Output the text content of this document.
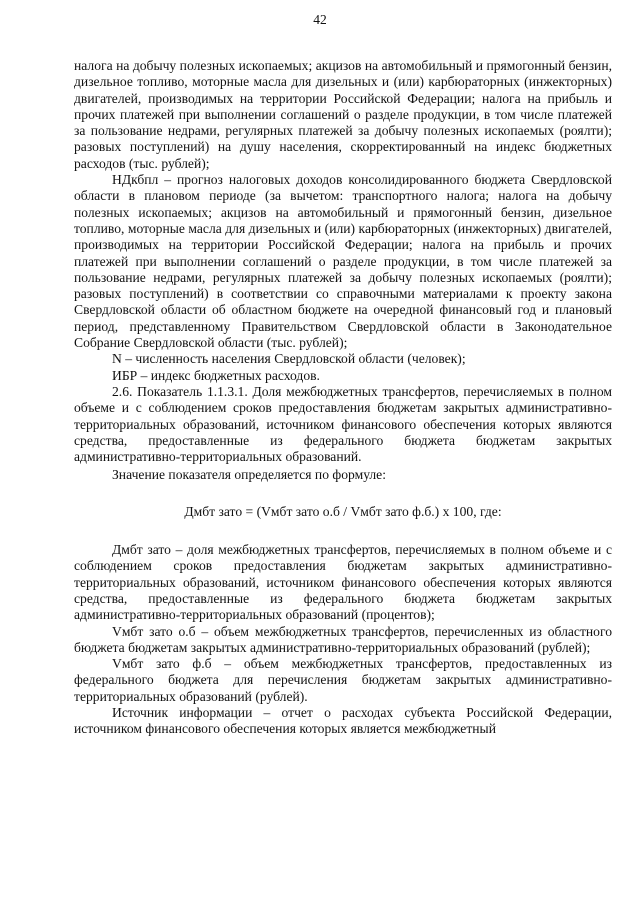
42

налога на добычу полезных ископаемых; акцизов на автомобильный и прямогонный бензин, дизельное топливо, моторные масла для дизельных и (или) карбюраторных (инжекторных) двигателей, производимых на территории Российской Федерации; налога на прибыль и прочих платежей при выполнении соглашений о разделе продукции, в том числе платежей за пользование недрами, регулярных платежей за добычу полезных ископаемых (роялти); разовых поступлений) на душу населения, скорректированный на индекс бюджетных расходов (тыс. рублей);

НДкбпл – прогноз налоговых доходов консолидированного бюджета Свердловской области в плановом периоде (за вычетом: транспортного налога; налога на добычу полезных ископаемых; акцизов на автомобильный и прямогонный бензин, дизельное топливо, моторные масла для дизельных и (или) карбюраторных (инжекторных) двигателей, производимых на территории Российской Федерации; налога на прибыль и прочих платежей при выполнении соглашений о разделе продукции, в том числе платежей за пользование недрами, регулярных платежей за добычу полезных ископаемых (роялти); разовых поступлений) в соответствии со справочными материалами к проекту закона Свердловской области об областном бюджете на очередной финансовый год и плановый период, представленному Правительством Свердловской области в Законодательное Собрание Свердловской области (тыс. рублей);

N – численность населения Свердловской области (человек);

ИБР – индекс бюджетных расходов.

2.6. Показатель 1.1.3.1. Доля межбюджетных трансфертов, перечисляемых в полном объеме и с соблюдением сроков предоставления бюджетам закрытых административно-территориальных образований, источником финансового обеспечения которых являются средства, предоставленные из федерального бюджета бюджетам закрытых административно-территориальных образований.

Значение показателя определяется по формуле:

Дмбт зато = (Vмбт зато о.б / Vмбт зато ф.б.) x 100, где:

Дмбт зато – доля межбюджетных трансфертов, перечисляемых в полном объеме и с соблюдением сроков предоставления бюджетам закрытых административно-территориальных образований, источником финансового обеспечения которых являются средства, предоставленные из федерального бюджета бюджетам закрытых административно-территориальных образований (процентов);

Vмбт зато о.б – объем межбюджетных трансфертов, перечисленных из областного бюджета бюджетам закрытых административно-территориальных образований (рублей);

Vмбт зато ф.б – объем межбюджетных трансфертов, предоставленных из федерального бюджета для перечисления бюджетам закрытых административно-территориальных образований (рублей).

Источник информации – отчет о расходах субъекта Российской Федерации, источником финансового обеспечения которых является межбюджетный
